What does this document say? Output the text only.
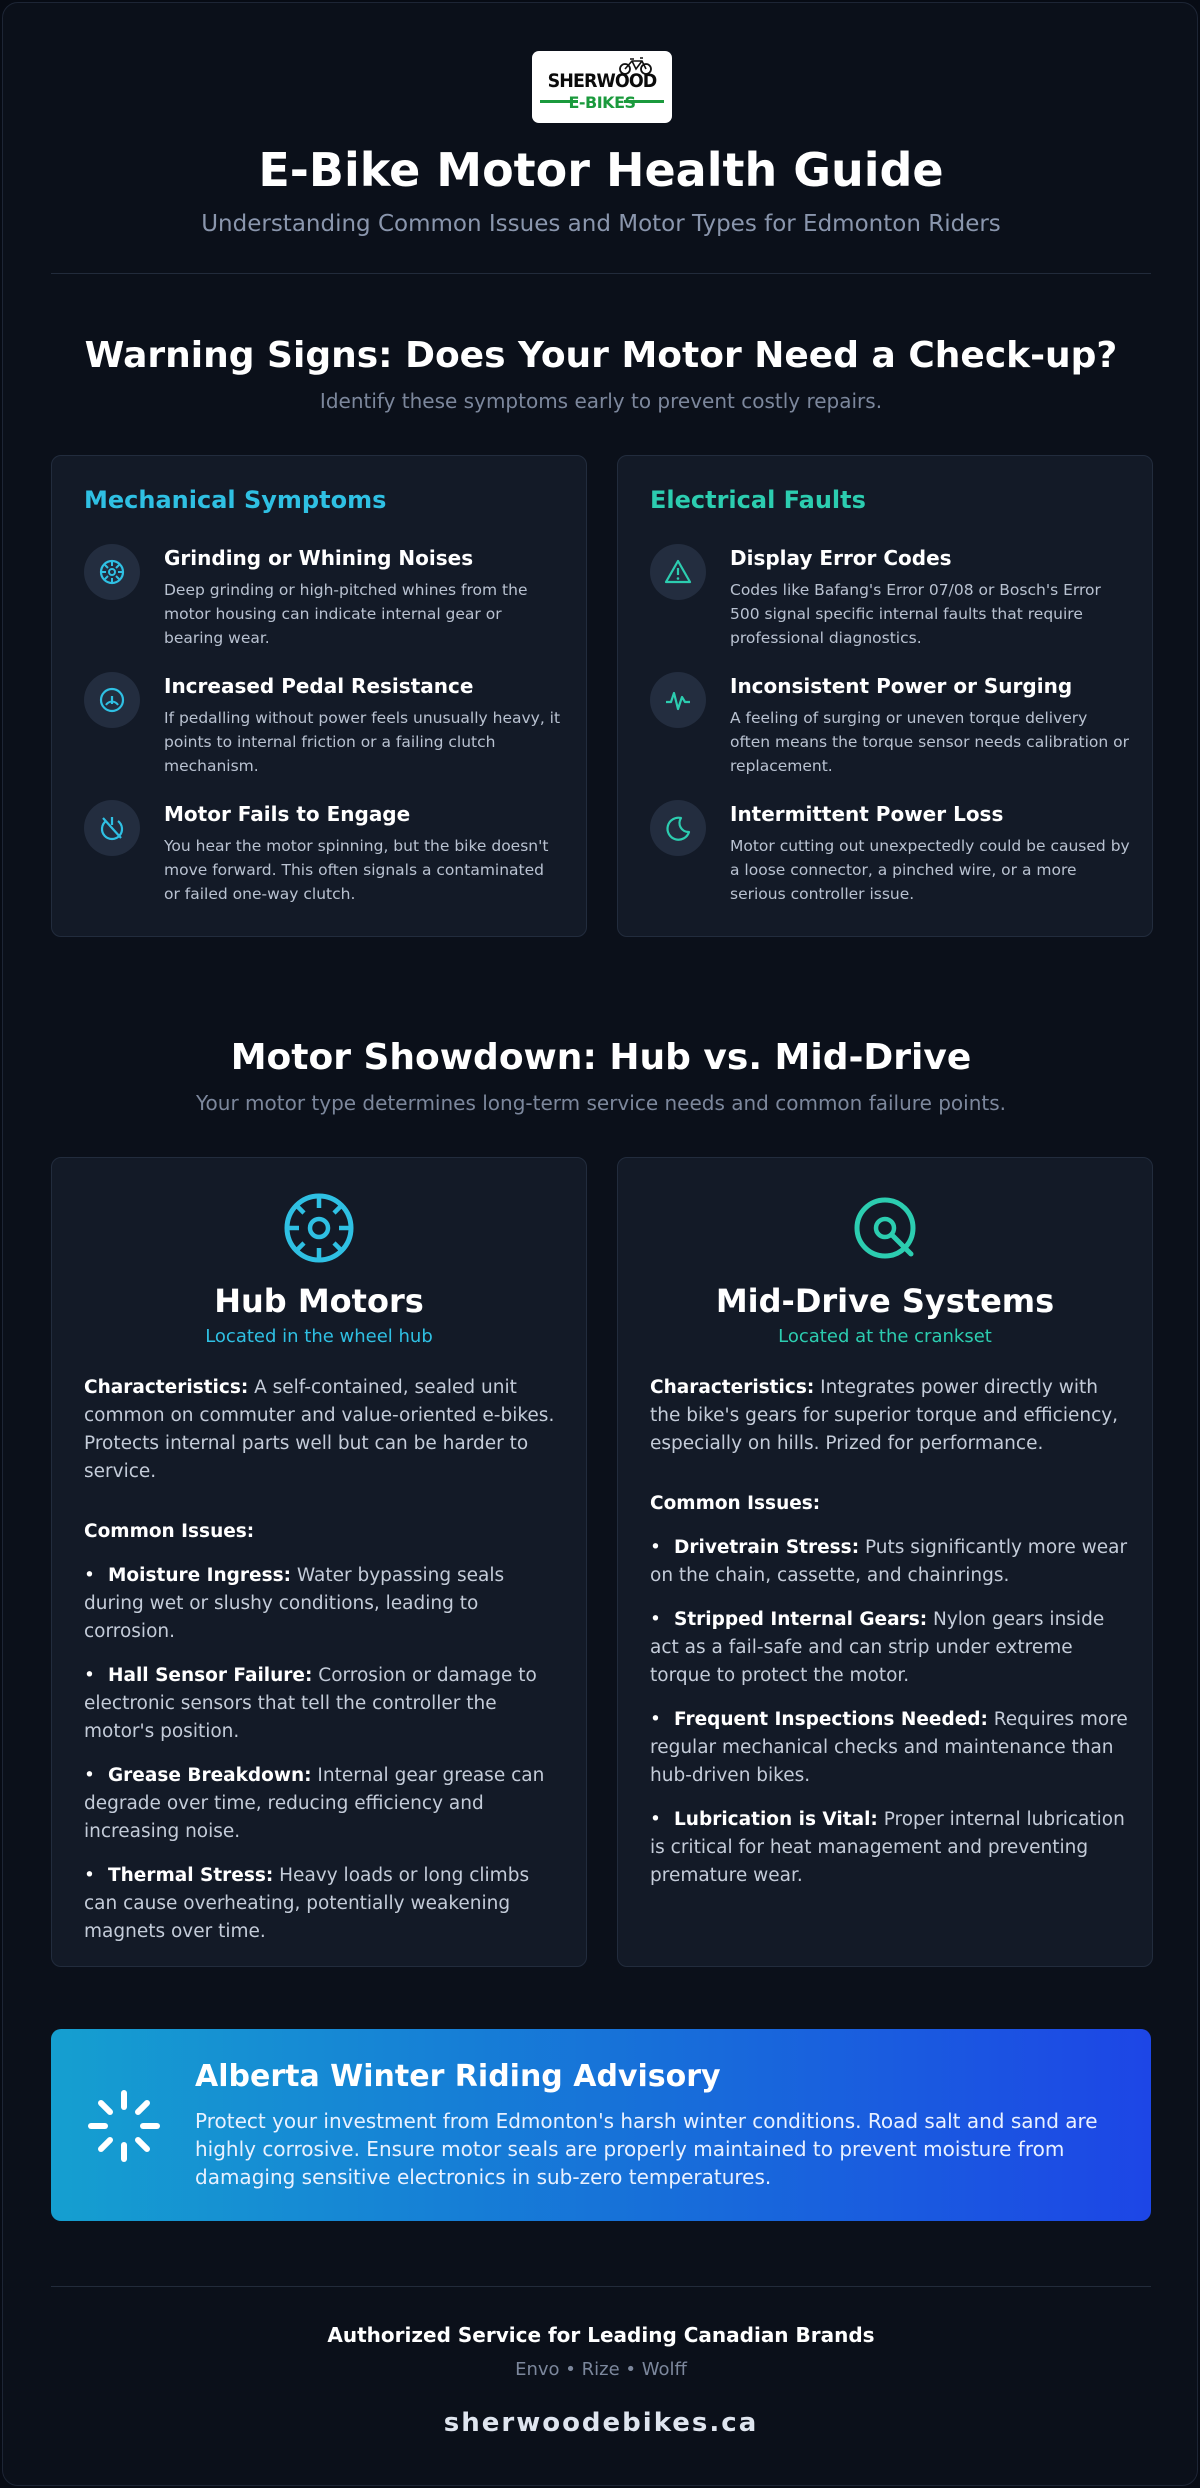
SHERWOOD
E-BIKES
E-Bike Motor Health Guide
Understanding Common Issues and Motor Types for Edmonton Riders
Warning Signs: Does Your Motor Need a Check-up?
Identify these symptoms early to prevent costly repairs.
Mechanical Symptoms
Grinding or Whining Noises
Deep grinding or high-pitched whines from the motor housing can indicate internal gear or bearing wear.
Increased Pedal Resistance
If pedalling without power feels unusually heavy, it points to internal friction or a failing clutch mechanism.
Motor Fails to Engage
You hear the motor spinning, but the bike doesn't move forward. This often signals a contaminated or failed one-way clutch.
Electrical Faults
Display Error Codes
Codes like Bafang's Error 07/08 or Bosch's Error 500 signal specific internal faults that require professional diagnostics.
Inconsistent Power or Surging
A feeling of surging or uneven torque delivery often means the torque sensor needs calibration or replacement.
Intermittent Power Loss
Motor cutting out unexpectedly could be caused by a loose connector, a pinched wire, or a more serious controller issue.
Motor Showdown: Hub vs. Mid-Drive
Your motor type determines long-term service needs and common failure points.
Hub Motors
Located in the wheel hub
Characteristics: A self-contained, sealed unit common on commuter and value-oriented e-bikes. Protects internal parts well but can be harder to service.
Common Issues:
• Moisture Ingress: Water bypassing seals during wet or slushy conditions, leading to corrosion.
• Hall Sensor Failure: Corrosion or damage to electronic sensors that tell the controller the motor's position.
• Grease Breakdown: Internal gear grease can degrade over time, reducing efficiency and increasing noise.
• Thermal Stress: Heavy loads or long climbs can cause overheating, potentially weakening magnets over time.
Mid-Drive Systems
Located at the crankset
Characteristics: Integrates power directly with the bike's gears for superior torque and efficiency, especially on hills. Prized for performance.
Common Issues:
• Drivetrain Stress: Puts significantly more wear on the chain, cassette, and chainrings.
• Stripped Internal Gears: Nylon gears inside act as a fail-safe and can strip under extreme torque to protect the motor.
• Frequent Inspections Needed: Requires more regular mechanical checks and maintenance than hub-driven bikes.
• Lubrication is Vital: Proper internal lubrication is critical for heat management and preventing premature wear.
Alberta Winter Riding Advisory
Protect your investment from Edmonton's harsh winter conditions. Road salt and sand are highly corrosive. Ensure motor seals are properly maintained to prevent moisture from damaging sensitive electronics in sub-zero temperatures.
Authorized Service for Leading Canadian Brands
Envo • Rize • Wolff
sherwoodebikes.ca
